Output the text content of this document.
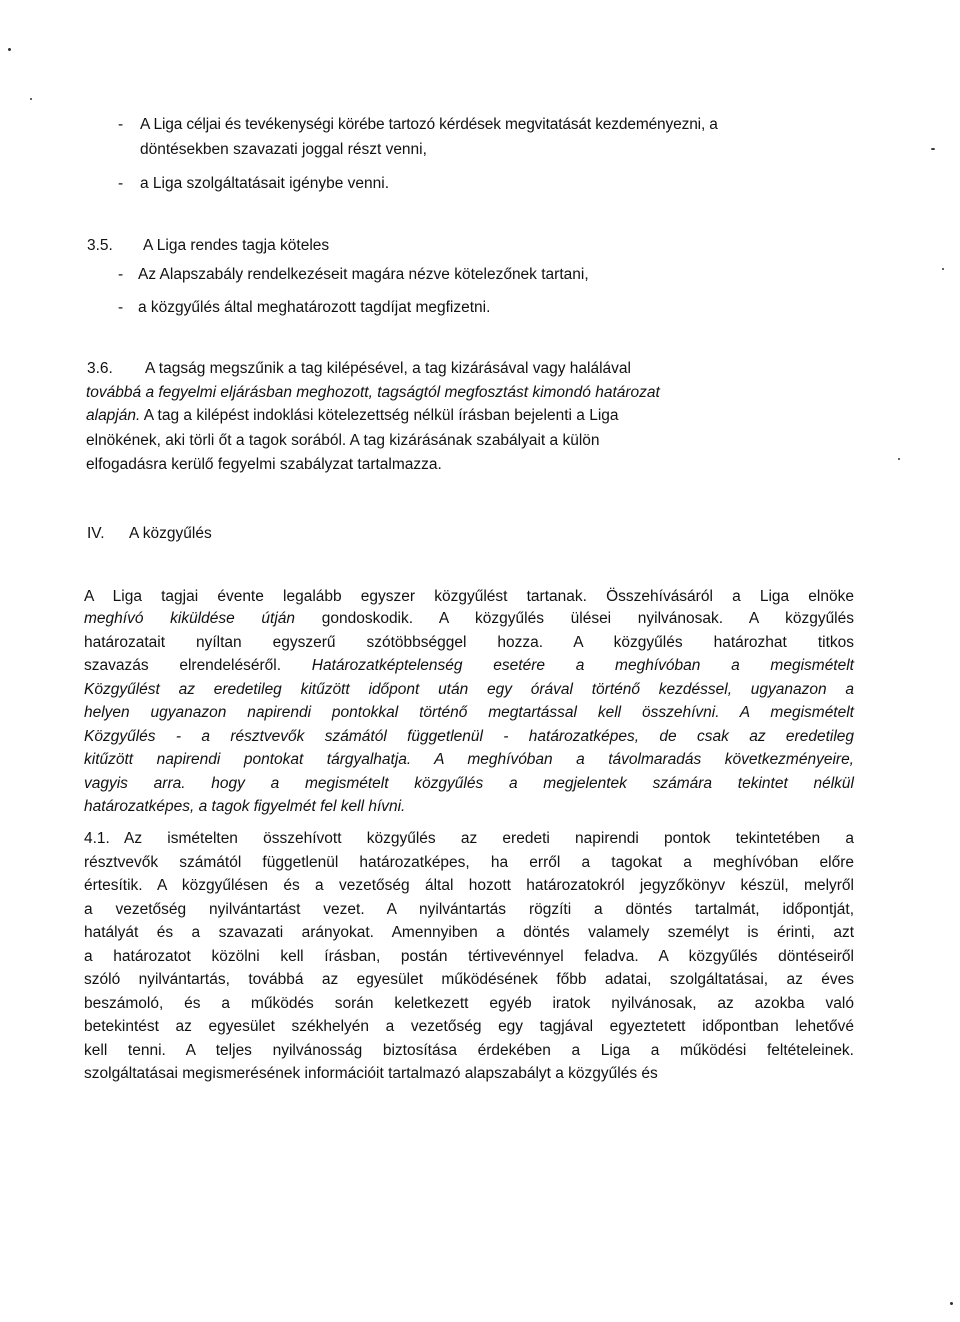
- A Liga céljai és tevékenységi körébe tartozó kérdések megvitatását kezdeményezni, a
döntésekben szavazati joggal részt venni,
- a Liga szolgáltatásait igénybe venni.
3.5. A Liga rendes tagja köteles
- Az Alapszabály rendelkezéseit magára nézve kötelezőnek tartani,
- a közgyűlés által meghatározott tagdíjat megfizetni.
3.6. A tagság megszűnik a tag kilépésével, a tag kizárásával vagy halálával
továbbá a fegyelmi eljárásban meghozott, tagságtól megfosztást kimondó határozat
alapján. A tag a kilépést indoklási kötelezettség nélkül írásban bejelenti a Liga
elnökének, aki törli őt a tagok sorából. A tag kizárásának szabályait a külön
elfogadásra kerülő fegyelmi szabályzat tartalmazza.
IV. A közgyűlés
A Liga tagjai évente legalább egyszer közgyűlést tartanak. Összehívásáról a Liga elnöke
meghívó kiküldése útján gondoskodik. A közgyűlés ülései nyilvánosak. A közgyűlés
határozatait nyíltan egyszerű szótöbbséggel hozza. A közgyűlés határozhat titkos
szavazás elrendeléséről. Határozatképtelenség esetére a meghívóban a megismételt
Közgyűlést az eredetileg kitűzött időpont után egy órával történő kezdéssel, ugyanazon a
helyen ugyanazon napirendi pontokkal történő megtartással kell összehívni. A megismételt
Közgyűlés - a résztvevők számától függetlenül - határozatképes, de csak az eredetileg
kitűzött napirendi pontokat tárgyalhatja. A meghívóban a távolmaradás következményeire,
vagyis arra. hogy a megismételt közgyűlés a megjelentek számára tekintet nélkül
határozatképes, a tagok figyelmét fel kell hívni.
4.1. Az ismételten összehívott közgyűlés az eredeti napirendi pontok tekintetében a
résztvevők számától függetlenül határozatképes, ha erről a tagokat a meghívóban előre
értesítik. A közgyűlésen és a vezetőség által hozott határozatokról jegyzőkönyv készül, melyről
a vezetőség nyilvántartást vezet. A nyilvántartás rögzíti a döntés tartalmát, időpontját,
hatályát és a szavazati arányokat. Amennyiben a döntés valamely személyt is érinti, azt
a határozatot közölni kell írásban, postán tértivevénnyel feladva. A közgyűlés döntéseiről
szóló nyilvántartás, továbbá az egyesület működésének főbb adatai, szolgáltatásai, az éves
beszámoló, és a működés során keletkezett egyéb iratok nyilvánosak, az azokba való
betekintést az egyesület székhelyén a vezetőség egy tagjával egyeztetett időpontban lehetővé
kell tenni. A teljes nyilvánosság biztosítása érdekében a Liga a működési feltételeinek.
szolgáltatásai megismerésének információit tartalmazó alapszabályt a közgyűlés és
